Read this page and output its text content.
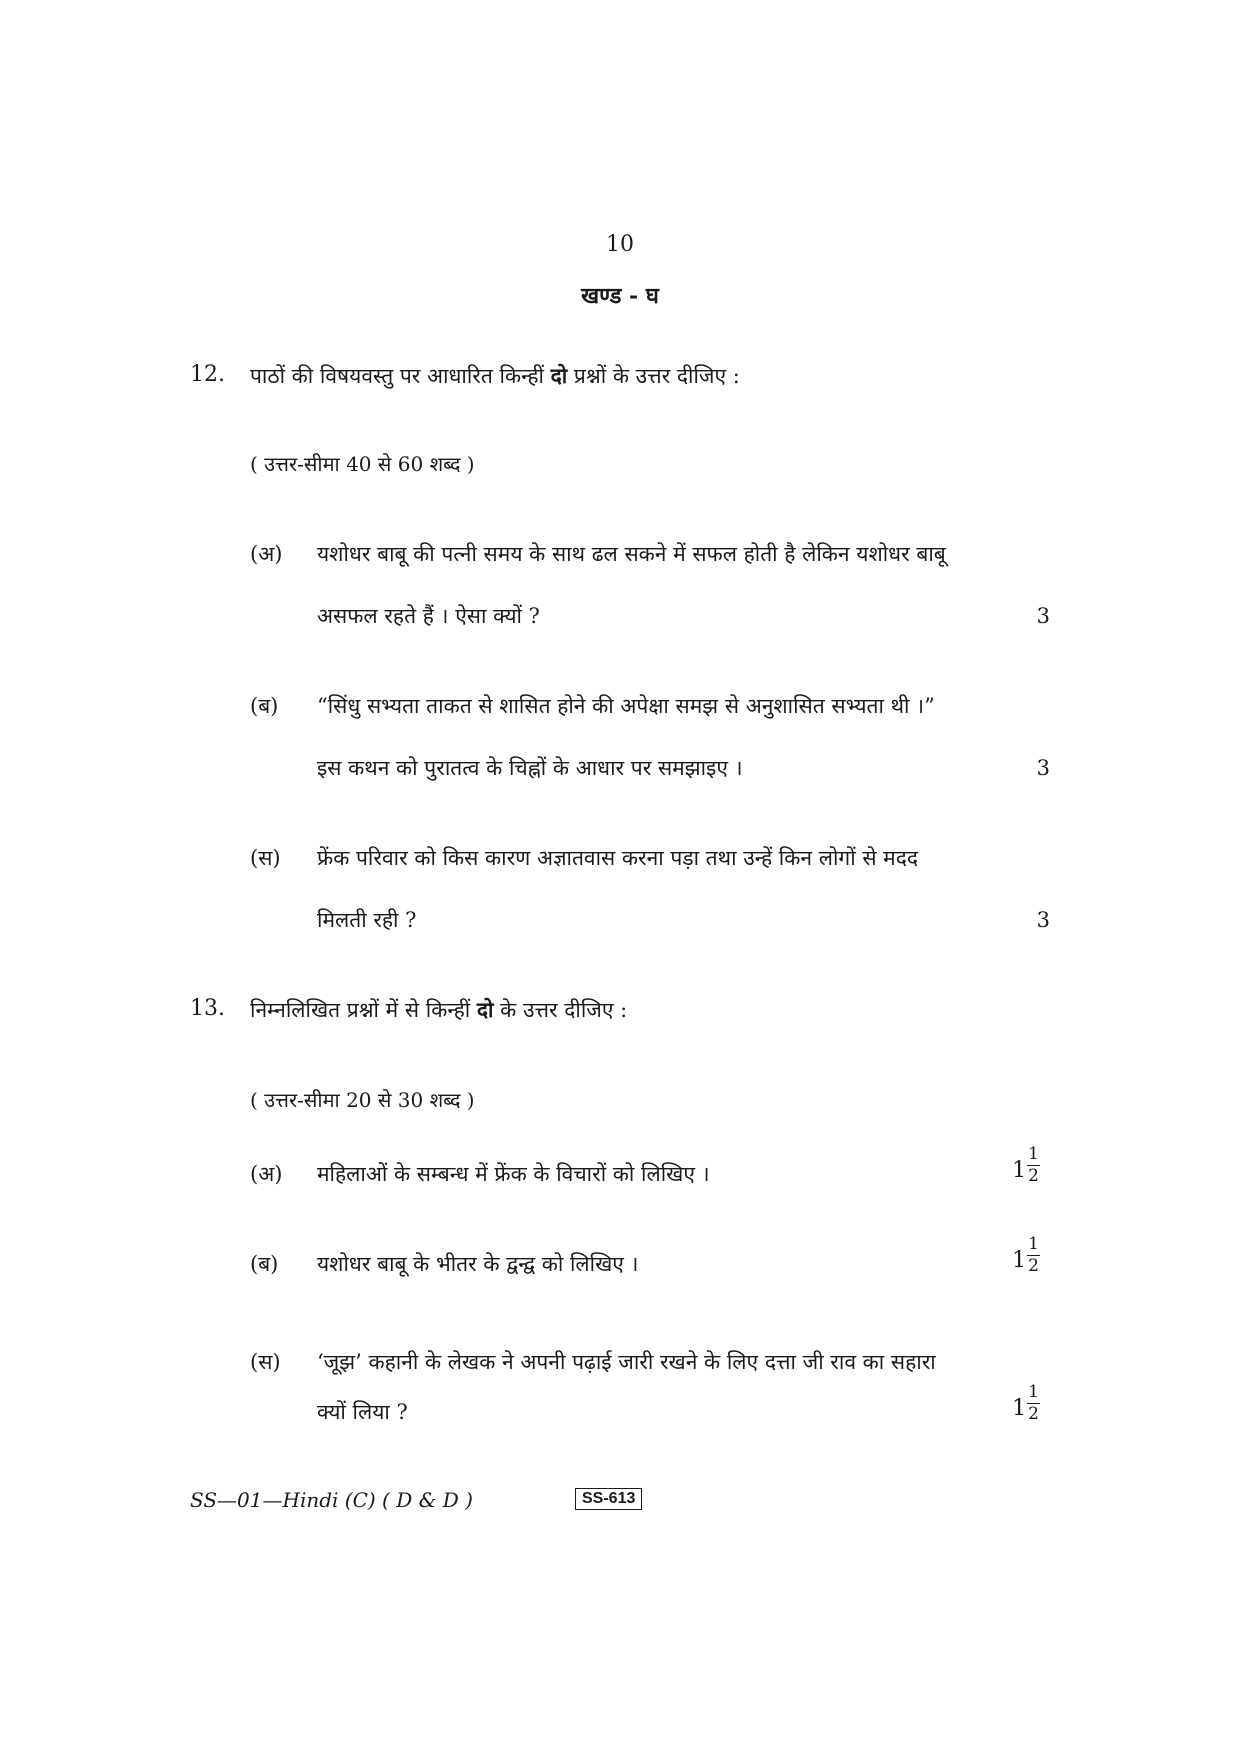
10
खण्ड - घ
12. पाठों की विषयवस्तु पर आधारित किन्हीं दो प्रश्नों के उत्तर दीजिए :
( उत्तर-सीमा 40 से 60 शब्द )
(अ) यशोधर बाबू की पत्नी समय के साथ ढल सकने में सफल होती है लेकिन यशोधर बाबू
असफल रहते हैं । ऐसा क्यों ?	3
(ब) “सिंधु सभ्यता ताकत से शासित होने की अपेक्षा समझ से अनुशासित सभ्यता थी ।”
इस कथन को पुरातत्व के चिह्नों के आधार पर समझाइए ।	3
(स) फ्रेंक परिवार को किस कारण अज्ञातवास करना पड़ा तथा उन्हें किन लोगों से मदद
मिलती रही ?	3
13. निम्नलिखित प्रश्नों में से किन्हीं दो के उत्तर दीजिए :
( उत्तर-सीमा 20 से 30 शब्द )
(अ) महिलाओं के सम्बन्ध में फ्रेंक के विचारों को लिखिए ।	$1 \frac{1}{2}$
(ब) यशोधर बाबू के भीतर के द्वन्द्व को लिखिए ।	$1 \frac{1}{2}$
(स) ‘जूझ’ कहानी के लेखक ने अपनी पढ़ाई जारी रखने के लिए दत्ता जी राव का सहारा
क्यों लिया ?	$1 \frac{1}{2}$
SS—01—Hindi (C) ( D & D )	SS-613
